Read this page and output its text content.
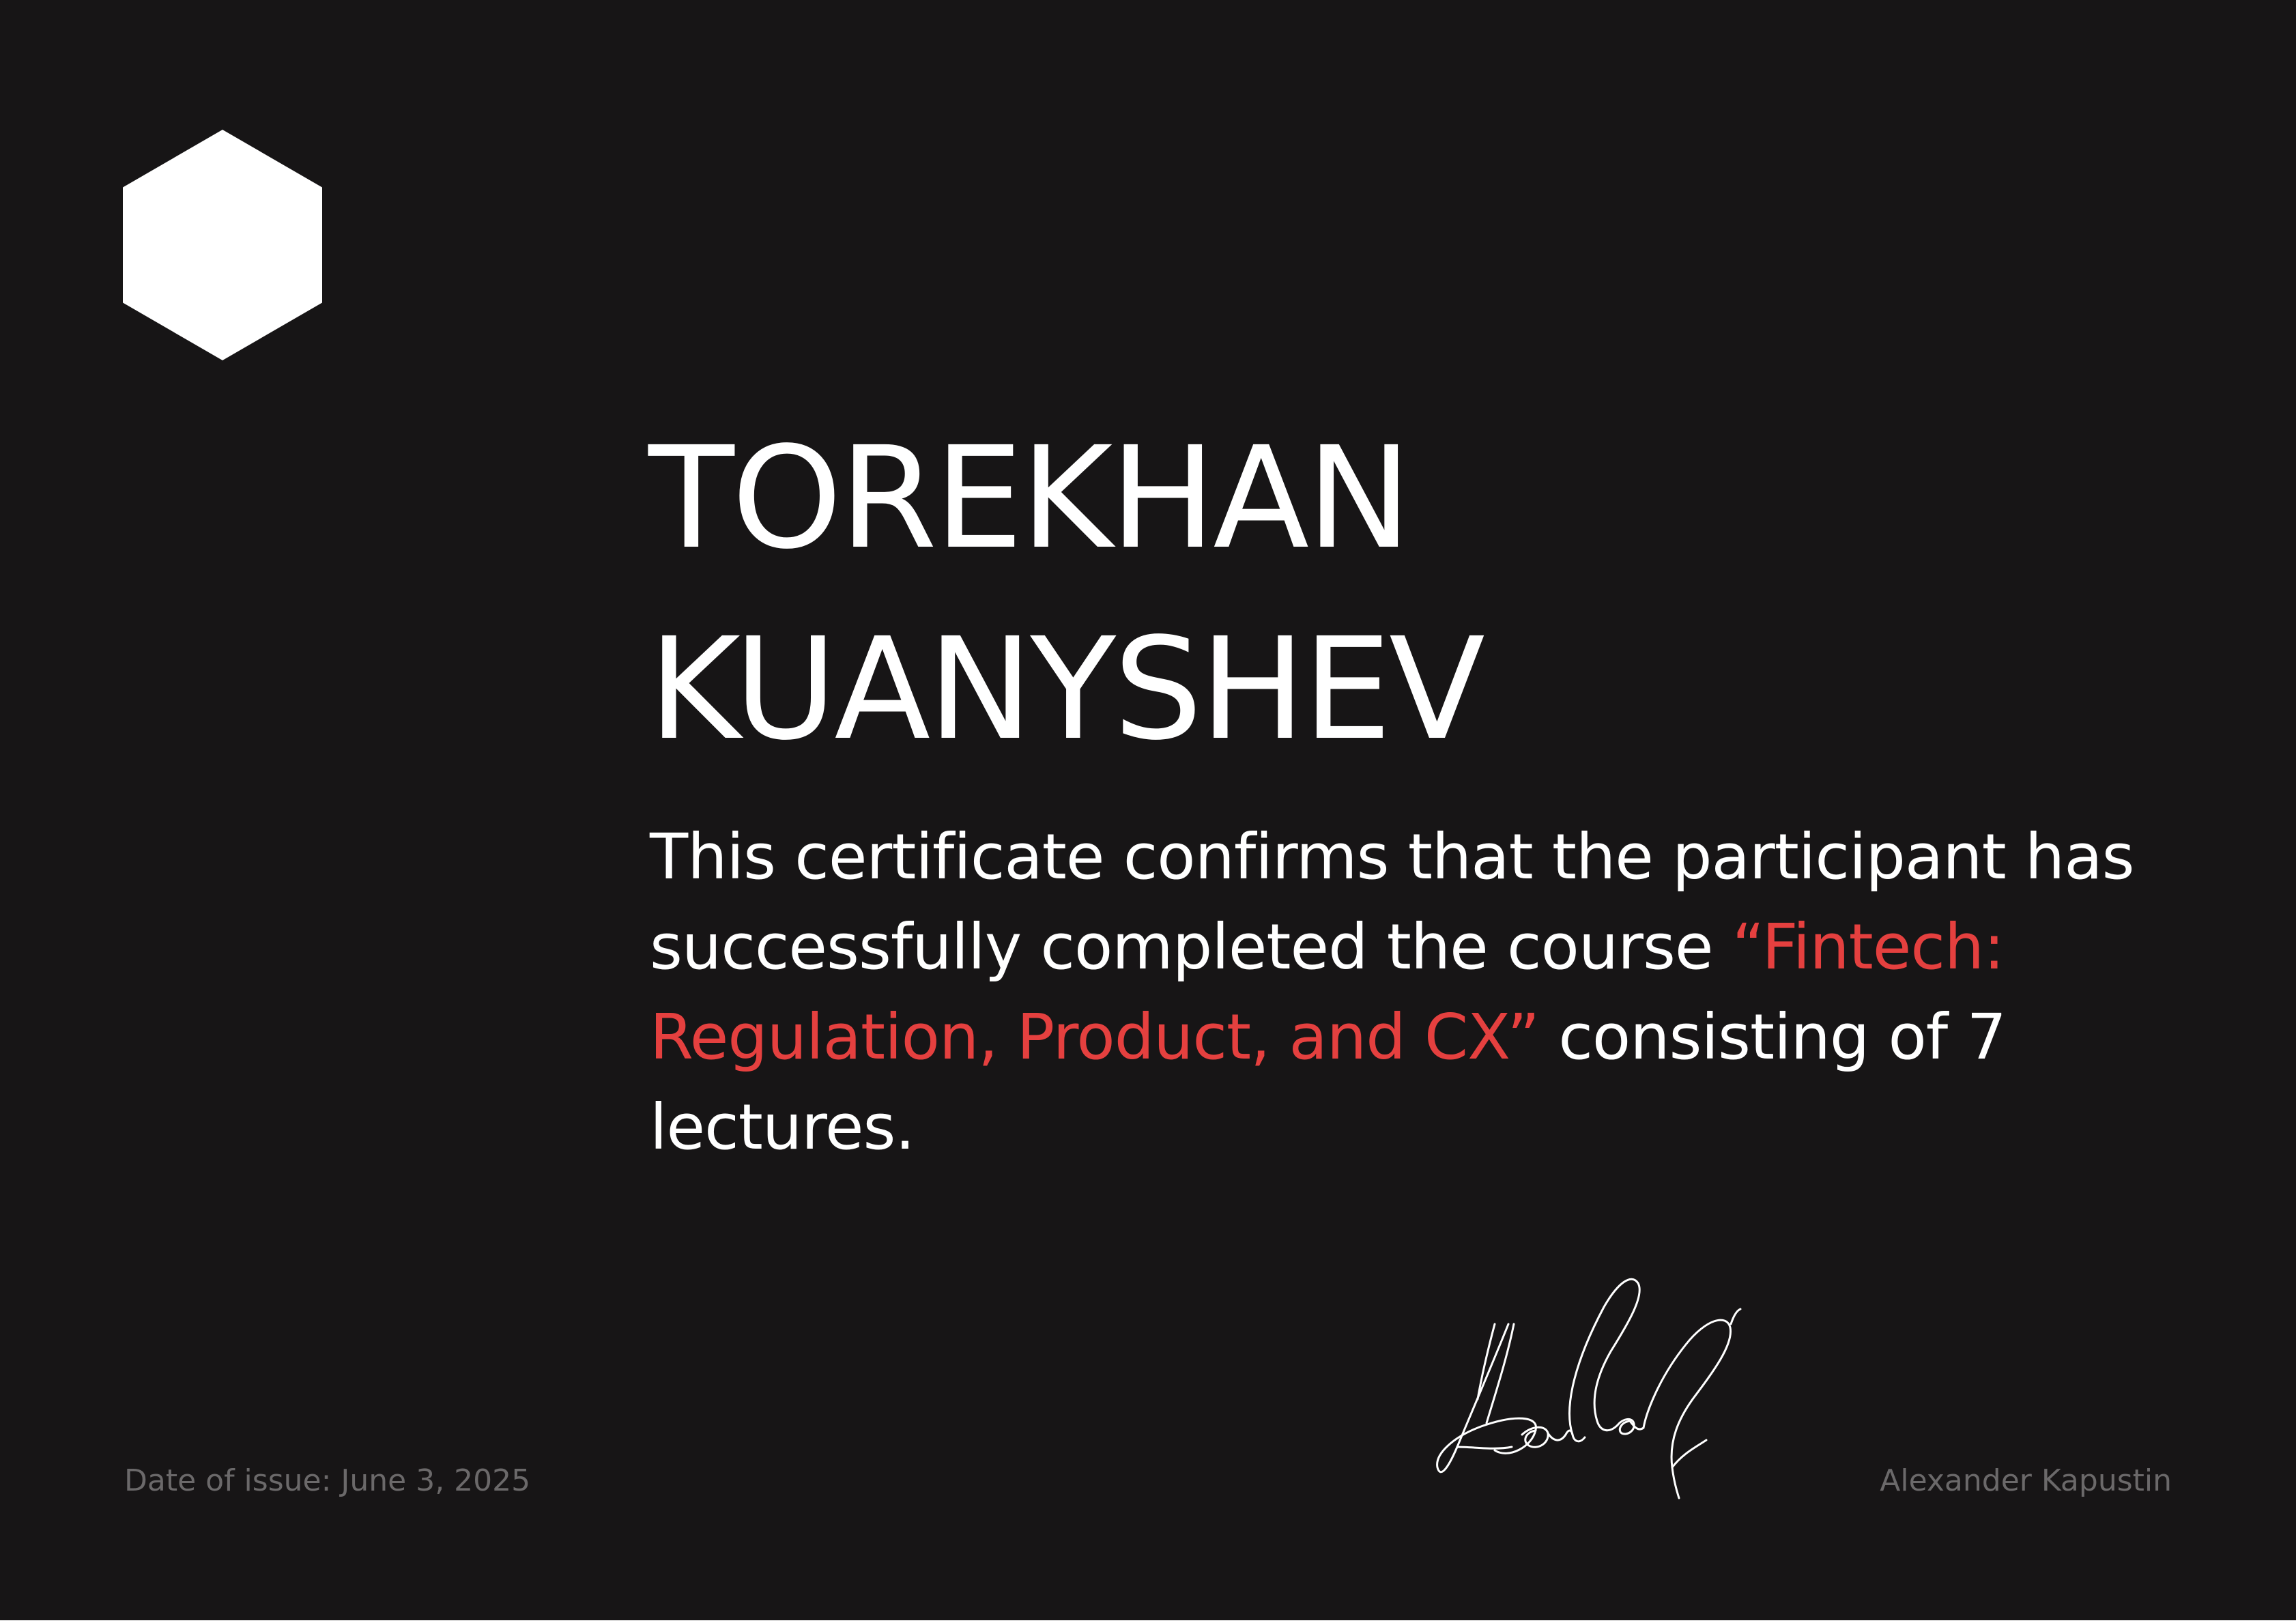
TOREKHAN
KUANYSHEV

This certificate confirms that the participant has successfully completed the course “Fintech: Regulation, Product, and CX” consisting of 7 lectures.

Date of issue: June 3, 2025	Alexander Kapustin
